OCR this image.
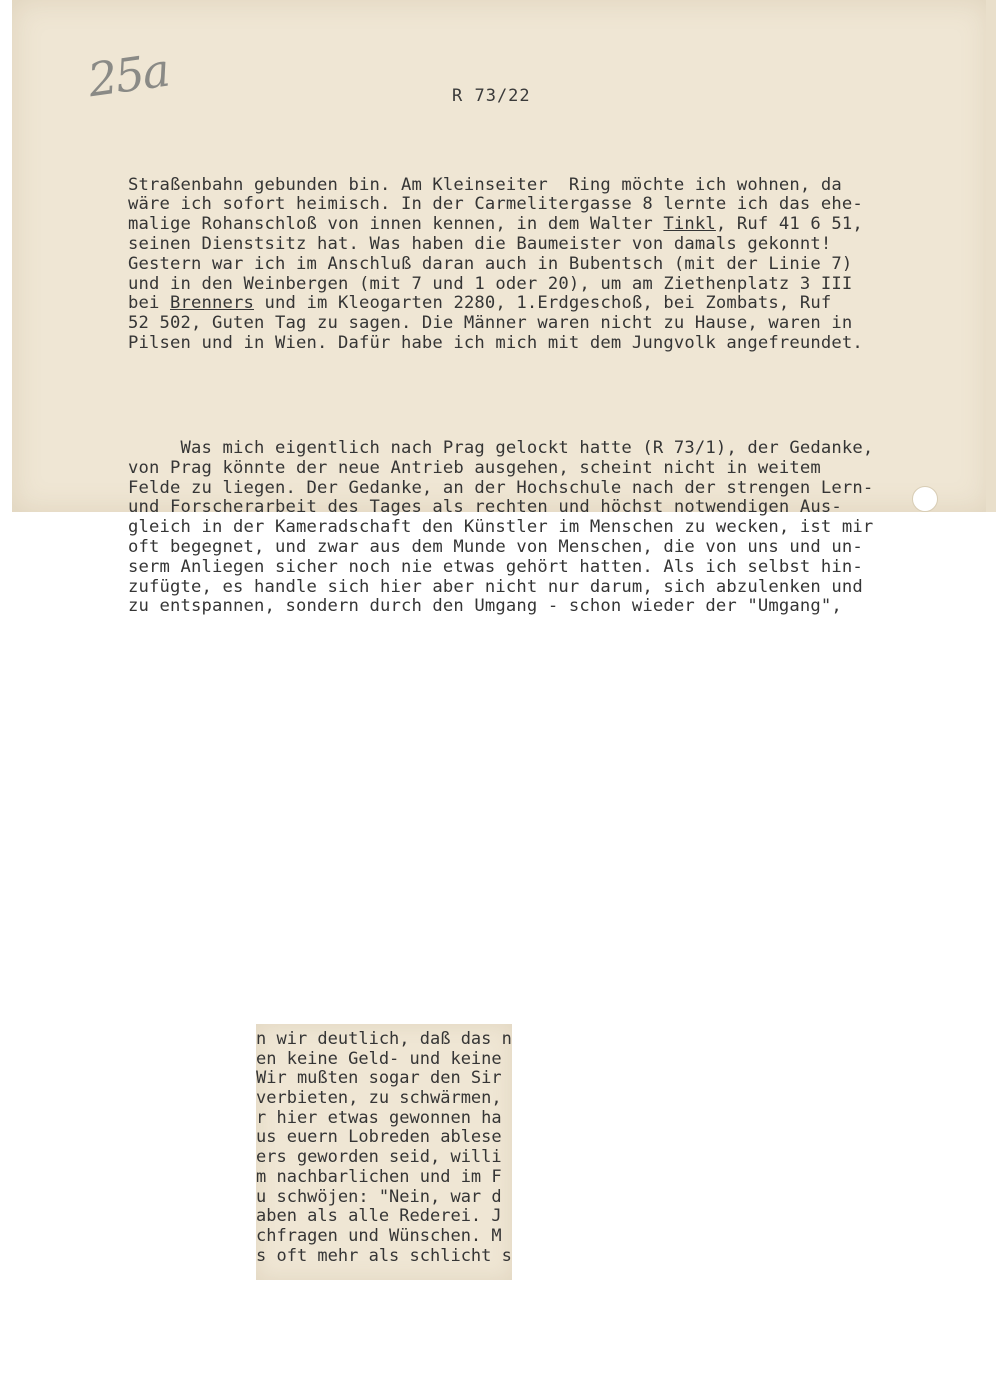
25a	R 73/22

Straßenbahn gebunden bin. Am Kleinseiter  Ring möchte ich wohnen, da
wäre ich sofort heimisch. In der Carmelitergasse 8 lernte ich das ehe-
malige Rohanschloß von innen kennen, in dem Walter Tinkl, Ruf 41 6 51,
seinen Dienstsitz hat. Was haben die Baumeister von damals gekonnt!
Gestern war ich im Anschluß daran auch in Bubentsch (mit der Linie 7)
und in den Weinbergen (mit 7 und 1 oder 20), um am Ziethenplatz 3 III
bei Brenners und im Kleogarten 2280, 1.Erdgeschoß, bei Zombats, Ruf
52 502, Guten Tag zu sagen. Die Männer waren nicht zu Hause, waren in
Pilsen und in Wien. Dafür habe ich mich mit dem Jungvolk angefreundet.

Was mich eigentlich nach Prag gelockt hatte (R 73/1), der Gedanke,
von Prag könnte der neue Antrieb ausgehen, scheint nicht in weitem
Felde zu liegen. Der Gedanke, an der Hochschule nach der strengen Lern-
und Forscherarbeit des Tages als rechten und höchst notwendigen Aus-
gleich in der Kameradschaft den Künstler im Menschen zu wecken, ist mir
oft begegnet, und zwar aus dem Munde von Menschen, die von uns und un-
serm Anliegen sicher noch nie etwas gehört hatten. Als ich selbst hin-
zufügte, es handle sich hier aber nicht nur darum, sich abzulenken und
zu entspannen, sondern durch den Umgang - schon wieder der "Umgang",

n wir deutlich, daß das n
en keine Geld- und keine
Wir mußten sogar den Sir
verbieten, zu schwärmen,
r hier etwas gewonnen ha
us euern Lobreden ablese
ers geworden seid, willi
m nachbarlichen und im F
u schwöjen: "Nein, war d
aben als alle Rederei. J
chfragen und Wünschen. M
s oft mehr als schlicht s
